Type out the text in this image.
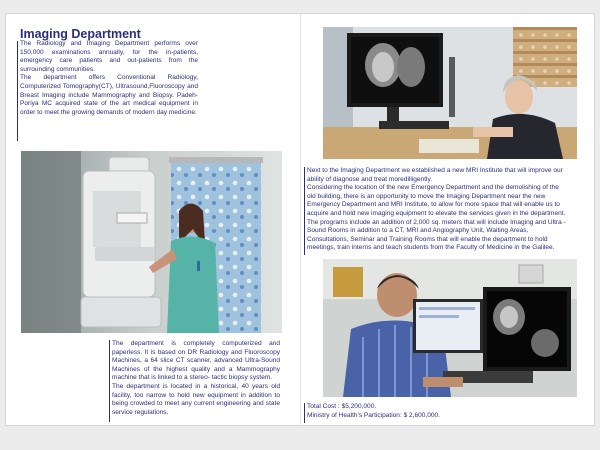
Imaging Department

The Radiology and Imaging Department performs over 150,000 examinations annually, for the in-patients, emergency care patients and out-patients from the surrounding communities.

The department offers Conventional Radiology, Computerized Tomography(CT), Ultrasound,Fluoroscopy and Breast Imaging include Mammography and Biopsy. Padeh-Poriya MC acquired state of the art medical equipment in order to meet the growing demands of modern day medicine.

The department is completely computerized and paperless. It is based on DR Radiology and Fluoroscopy Machines, a 64 slice CT scanner, advanced Ultra-Sound Machines of the highest quality and a Mammography machine that is linked to a stereo- tactic biopsy system.

The department is located in a historical, 40 years old facility, too narrow to hold new equipment in addition to being crowded to meet any current engineering and state service regulations.

Next to the Imaging Department we established a new MRI Institute that will improve our ability of diagnose and treat moredilligently.

Considering the location of the new Emergency Department and the demolishing of the old building, there is an opportunity to move the Imaging Department near the new Emergency Department and MRI Institute, to allow for more space that will enable us to acquire and hold new imaging equipment to elevate the services given in the department. The programs include an addition of 2,000 sq. meters that will include Imaging and Ultra -Sound Rooms in addition to a CT, MRI and Angiography Unit, Waiting Areas, Consultations, Seminar and Training Rooms that will enable the department to hold meetings, train interns and teach students from the Faculty of Medicine in the Galilee.

Total Cost : $5,200,000.

Ministry of Health's Participation: $ 2,600,000.
